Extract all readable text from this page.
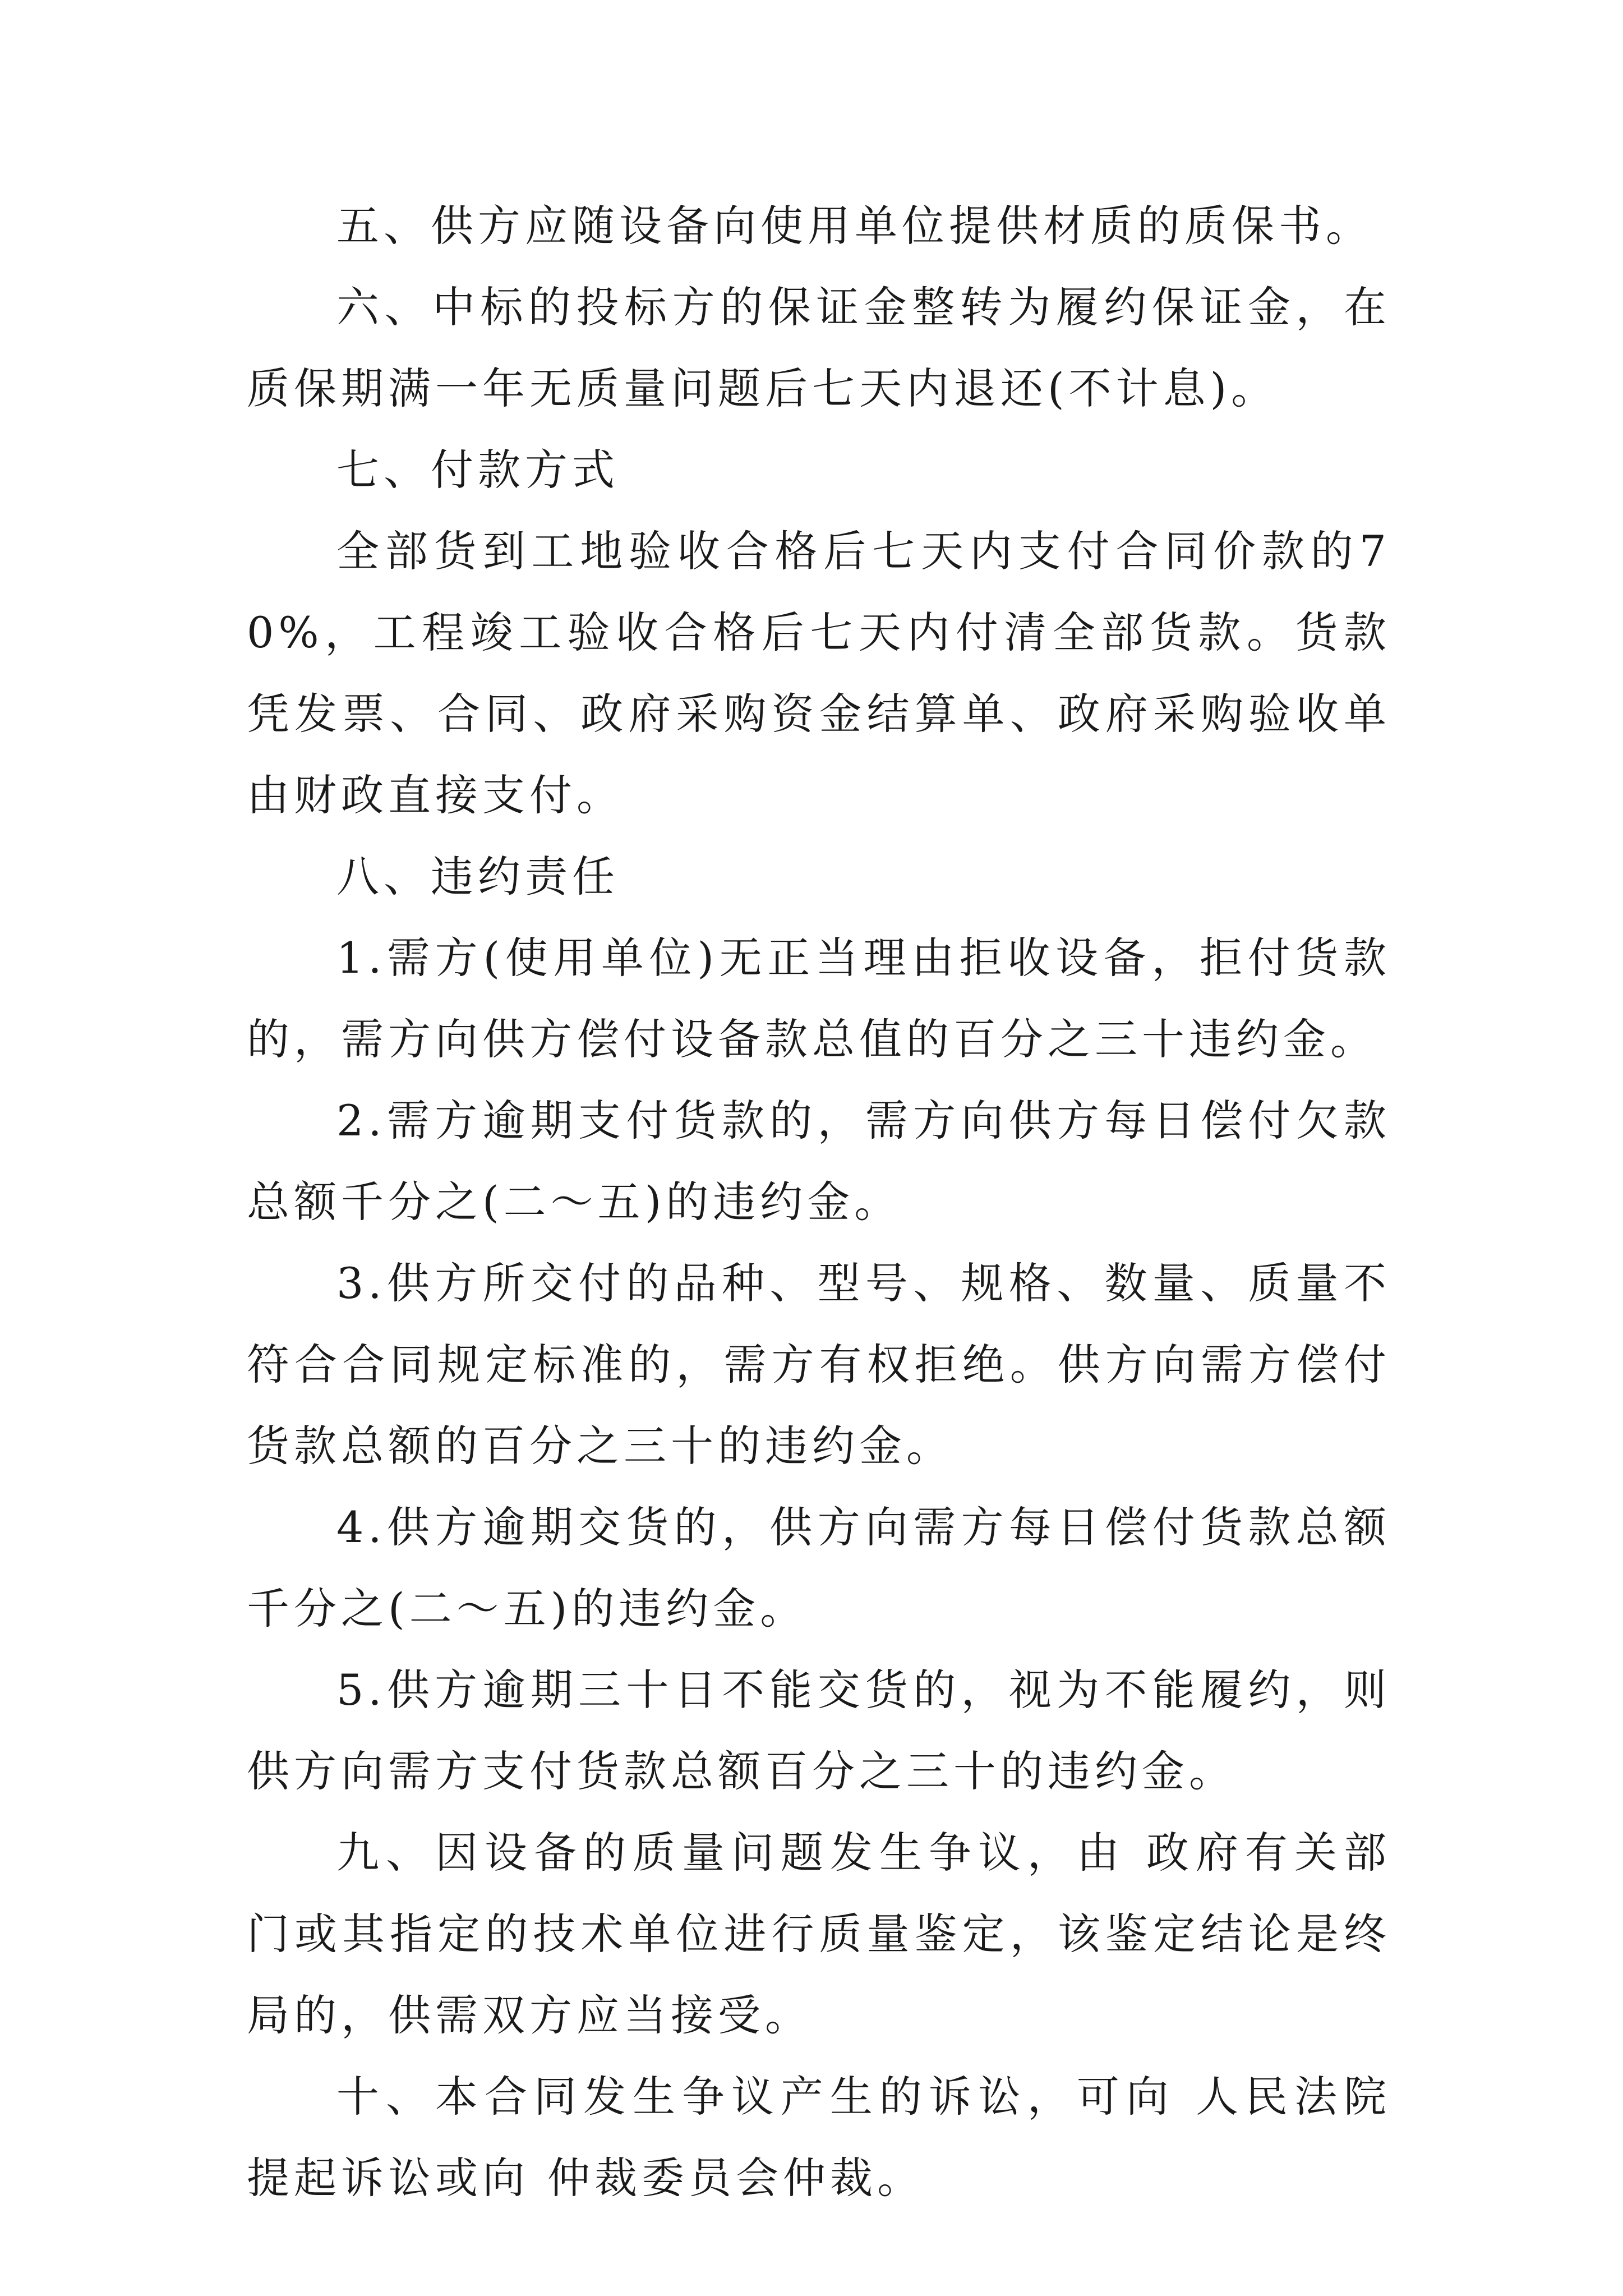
五、供方应随设备向使用单位提供材质的质保书。

六、中标的投标方的保证金整转为履约保证金，在质保期满一年无质量问题后七天内退还(不计息)。

七、付款方式

全部货到工地验收合格后七天内支付合同价款的70%，工程竣工验收合格后七天内付清全部货款。货款凭发票、合同、政府采购资金结算单、政府采购验收单由财政直接支付。

八、违约责任

1.需方(使用单位)无正当理由拒收设备，拒付货款的，需方向供方偿付设备款总值的百分之三十违约金。

2.需方逾期支付货款的，需方向供方每日偿付欠款总额千分之(二～五)的违约金。

3.供方所交付的品种、型号、规格、数量、质量不符合合同规定标准的，需方有权拒绝。供方向需方偿付货款总额的百分之三十的违约金。

4.供方逾期交货的，供方向需方每日偿付货款总额千分之(二～五)的违约金。

5.供方逾期三十日不能交货的，视为不能履约，则供方向需方支付货款总额百分之三十的违约金。

九、因设备的质量问题发生争议，由 政府有关部门或其指定的技术单位进行质量鉴定，该鉴定结论是终局的，供需双方应当接受。

十、本合同发生争议产生的诉讼，可向 人民法院提起诉讼或向 仲裁委员会仲裁。
